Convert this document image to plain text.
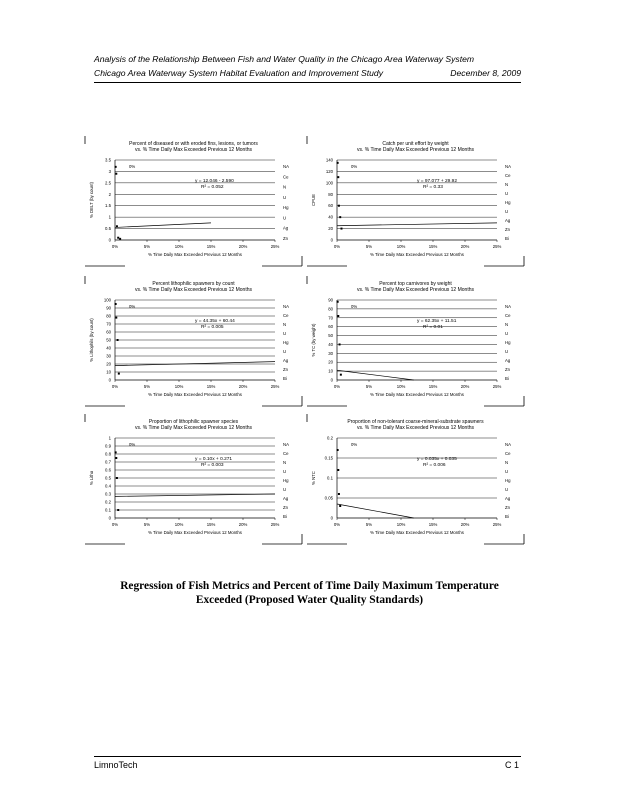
Analysis of the Relationship Between Fish and Water Quality in the Chicago Area Waterway System
Chicago Area Waterway System Habitat Evaluation and Improvement Study	December 8, 2009
Percent of diseased or with eroded fins, lesions, or tumors
vs. % Time Daily Max Exceeded Previous 12 Months
0
0.5
1
1.5
2
2.5
3
3.5
0%	5%	10%	15%	20%	25%
% Time Daily Max Exceeded Previous 12 Months
% DELT (by count)
NA
Ce
N
U
Hg
U
Ag
Zn
0%
y = 12.046 - 2.590
R² = 0.052
Catch per unit effort by weight
vs. % Time Daily Max Exceeded Previous 12 Months
0
20
40
60
80
100
120
140
0%	5%	10%	15%	20%	25%
% Time Daily Max Exceeded Previous 12 Months
CPUE
NA
Ce
N
U
Hg
U
Ag
Zn
Bi
0%
y = 97.077 + 29.92
R² = 0.33
Percent lithophilic spawners by count
vs. % Time Daily Max Exceeded Previous 12 Months
0
10
20
30
40
50
60
70
80
90
100
0%	5%	10%	15%	20%	25%
% Time Daily Max Exceeded Previous 12 Months
% Lithophils (by count)
NA
Ce
N
U
Hg
U
Ag
Zn
Bi
0%
y = 44.35x + 60.44
R² = 0.005
Percent top carnivores by weight
vs. % Time Daily Max Exceeded Previous 12 Months
0
10
20
30
40
50
60
70
80
90
0%	5%	10%	15%	20%	25%
% Time Daily Max Exceeded Previous 12 Months
% TC (by weight)
NA
Ce
N
U
Hg
U
Ag
Zn
Bi
0%
y = 62.35x + 11.51
R² = 0.01
Proportion of lithophilic spawner species
vs. % Time Daily Max Exceeded Previous 12 Months
0
0.1
0.2
0.3
0.4
0.5
0.6
0.7
0.8
0.9
1
0%	5%	10%	15%	20%	25%
% Time Daily Max Exceeded Previous 12 Months
% Litho
NA
Ce
N
U
Hg
U
Ag
Zn
Bi
0%
y = 0.10x + 0.271
R² = 0.003
Proportion of non-tolerant coarse-mineral-substrate spawners
vs. % Time Daily Max Exceeded Previous 12 Months
0
0.05
0.1
0.15
0.2
0%	5%	10%	15%	20%	25%
% Time Daily Max Exceeded Previous 12 Months
% NTC
NA
Ce
N
U
Hg
U
Ag
Zn
Bi
0%
y = 0.035x + 0.035
R² = 0.006
Regression of Fish Metrics and Percent of Time Daily Maximum Temperature
Exceeded (Proposed Water Quality Standards)
LimnoTech	C 1
